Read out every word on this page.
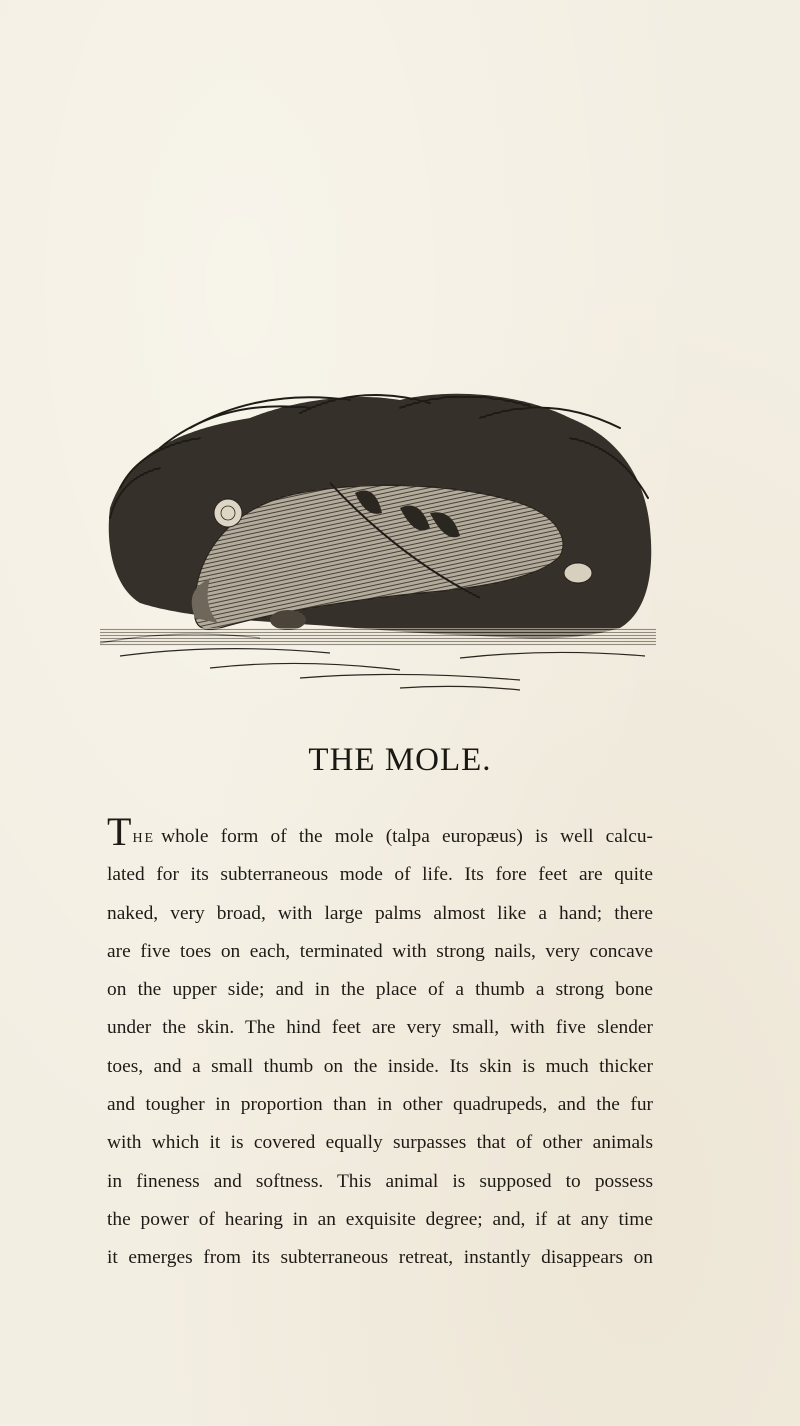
THE MOLE.
THE whole form of the mole (talpa europæus) is well calcu-
lated for its subterraneous mode of life. Its fore feet are quite
naked, very broad, with large palms almost like a hand; there
are five toes on each, terminated with strong nails, very concave
on the upper side; and in the place of a thumb a strong bone
under the skin. The hind feet are very small, with five slender
toes, and a small thumb on the inside. Its skin is much thicker
and tougher in proportion than in other quadrupeds, and the fur
with which it is covered equally surpasses that of other animals
in fineness and softness. This animal is supposed to possess
the power of hearing in an exquisite degree; and, if at any time
it emerges from its subterraneous retreat, instantly disappears on
